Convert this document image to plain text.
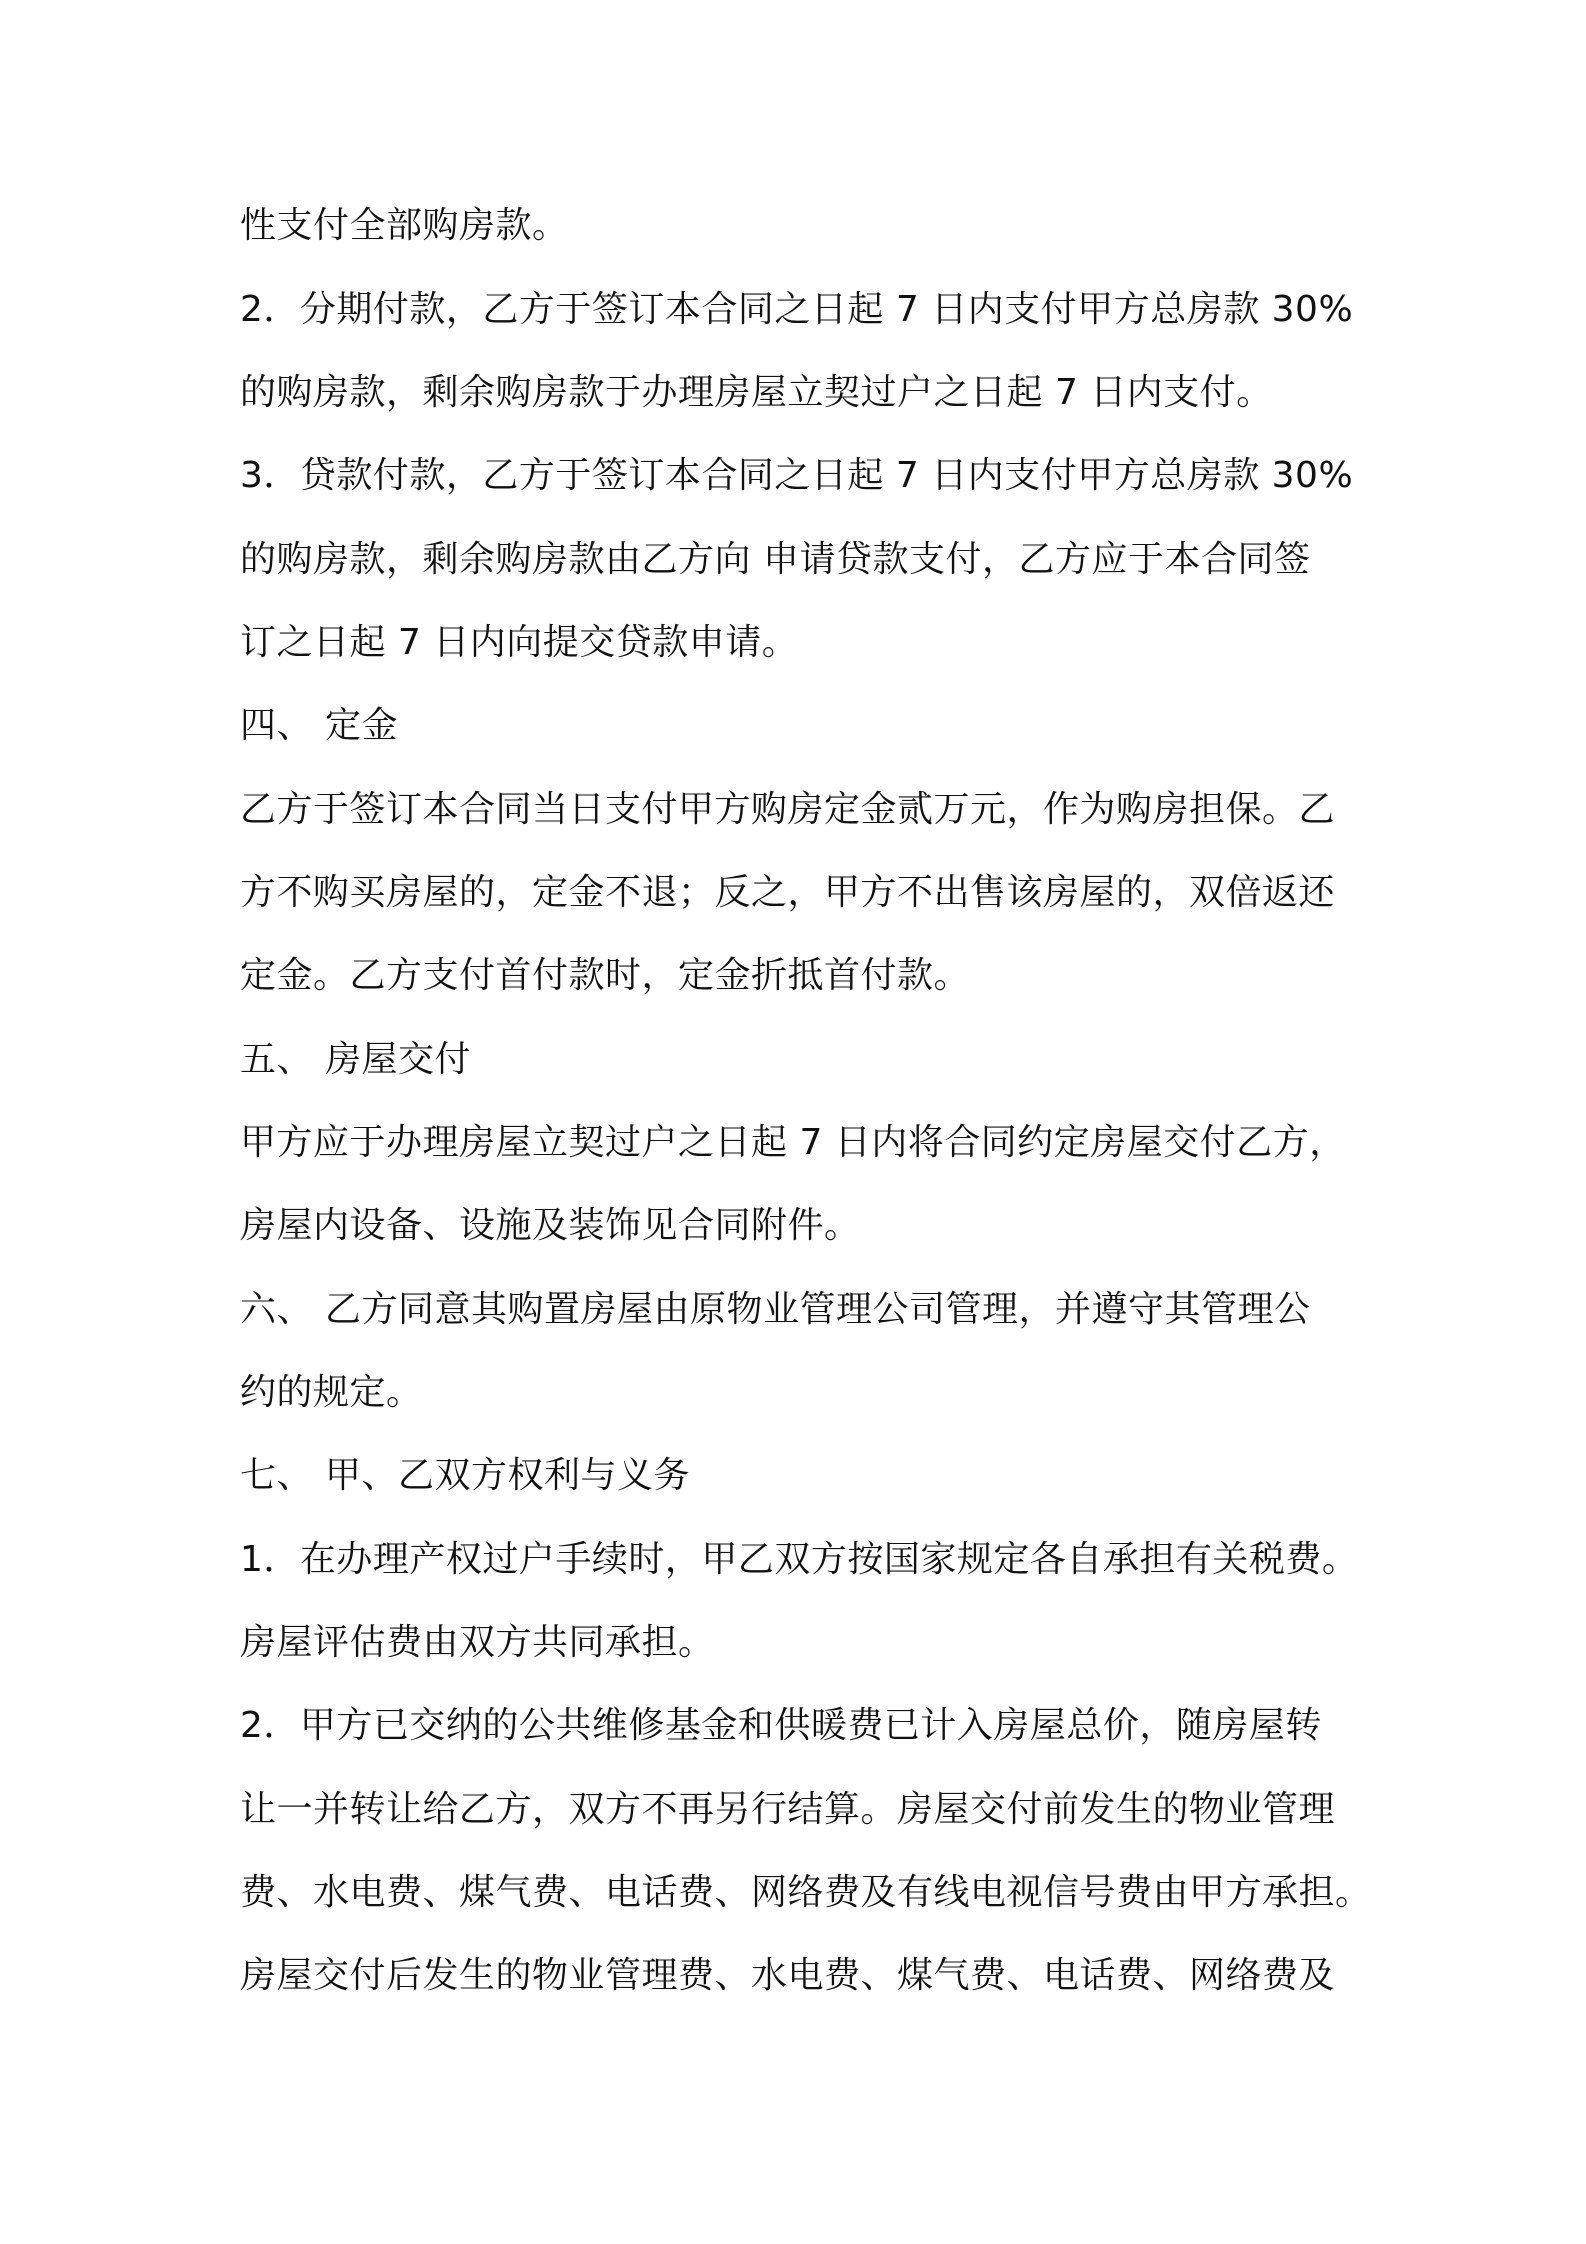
性支付全部购房款。
2．分期付款，乙方于签订本合同之日起 7 日内支付甲方总房款 30%
的购房款，剩余购房款于办理房屋立契过户之日起 7 日内支付。
3．贷款付款，乙方于签订本合同之日起 7 日内支付甲方总房款 30%
的购房款，剩余购房款由乙方向 申请贷款支付，乙方应于本合同签
订之日起 7 日内向提交贷款申请。
四、 定金
乙方于签订本合同当日支付甲方购房定金贰万元，作为购房担保。乙
方不购买房屋的，定金不退；反之，甲方不出售该房屋的，双倍返还
定金。乙方支付首付款时，定金折抵首付款。
五、 房屋交付
甲方应于办理房屋立契过户之日起 7 日内将合同约定房屋交付乙方，
房屋内设备、设施及装饰见合同附件。
六、 乙方同意其购置房屋由原物业管理公司管理，并遵守其管理公
约的规定。
七、 甲、乙双方权利与义务
1．在办理产权过户手续时，甲乙双方按国家规定各自承担有关税费。
房屋评估费由双方共同承担。
2．甲方已交纳的公共维修基金和供暖费已计入房屋总价，随房屋转
让一并转让给乙方，双方不再另行结算。房屋交付前发生的物业管理
费、水电费、煤气费、电话费、网络费及有线电视信号费由甲方承担。
房屋交付后发生的物业管理费、水电费、煤气费、电话费、网络费及
